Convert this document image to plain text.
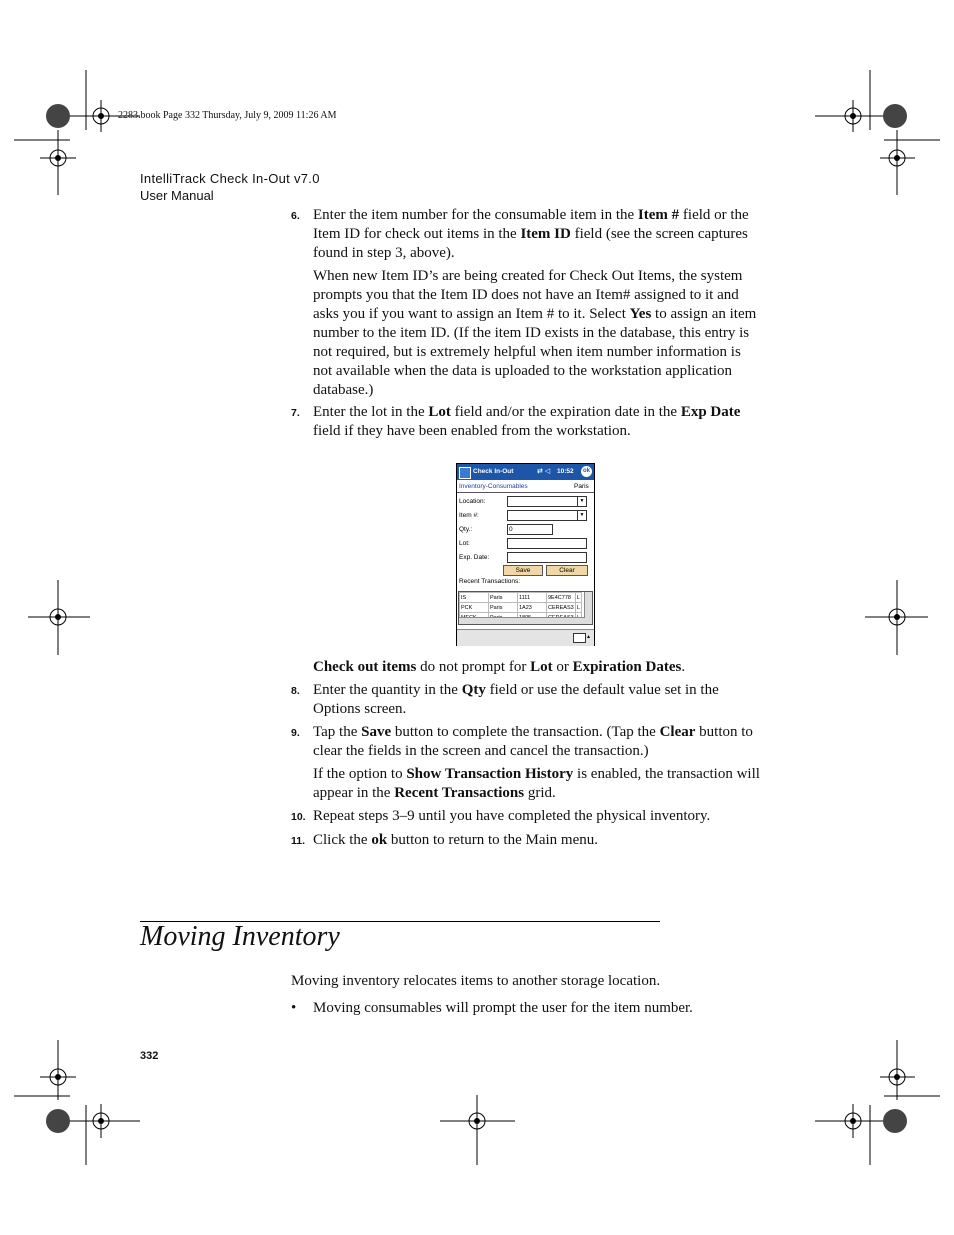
2283.book Page 332 Thursday, July 9, 2009 11:26 AM
IntelliTrack Check In-Out v7.0
User Manual
6. Enter the item number for the consumable item in the Item # field or the Item ID for check out items in the Item ID field (see the screen captures found in step 3, above).
When new Item ID’s are being created for Check Out Items, the system prompts you that the Item ID does not have an Item# assigned to it and asks you if you want to assign an Item # to it. Select Yes to assign an item number to the item ID. (If the item ID exists in the database, this entry is not required, but is extremely helpful when item number information is not available when the data is uploaded to the workstation application database.)
7. Enter the lot in the Lot field and/or the expiration date in the Exp Date field if they have been enabled from the workstation.
Check In-Out	⇄ ◁ 10:52	ok
Inventory-Consumables	Paris
Location:	▼
Item #:	▼
Qty.:	0
Lot:
Exp. Date:
Save	Clear
Recent Transactions:
IS	Paris	1111	9E4C778	L
PCK	Paris	1A23	CEREAS3	L

▲
Check out items do not prompt for Lot or Expiration Dates.
8. Enter the quantity in the Qty field or use the default value set in the Options screen.
9. Tap the Save button to complete the transaction. (Tap the Clear button to clear the fields in the screen and cancel the transaction.)
If the option to Show Transaction History is enabled, the transaction will appear in the Recent Transactions grid.
10. Repeat steps 3–9 until you have completed the physical inventory.
11. Click the ok button to return to the Main menu.
Moving Inventory
Moving inventory relocates items to another storage location.
• Moving consumables will prompt the user for the item number.
332
